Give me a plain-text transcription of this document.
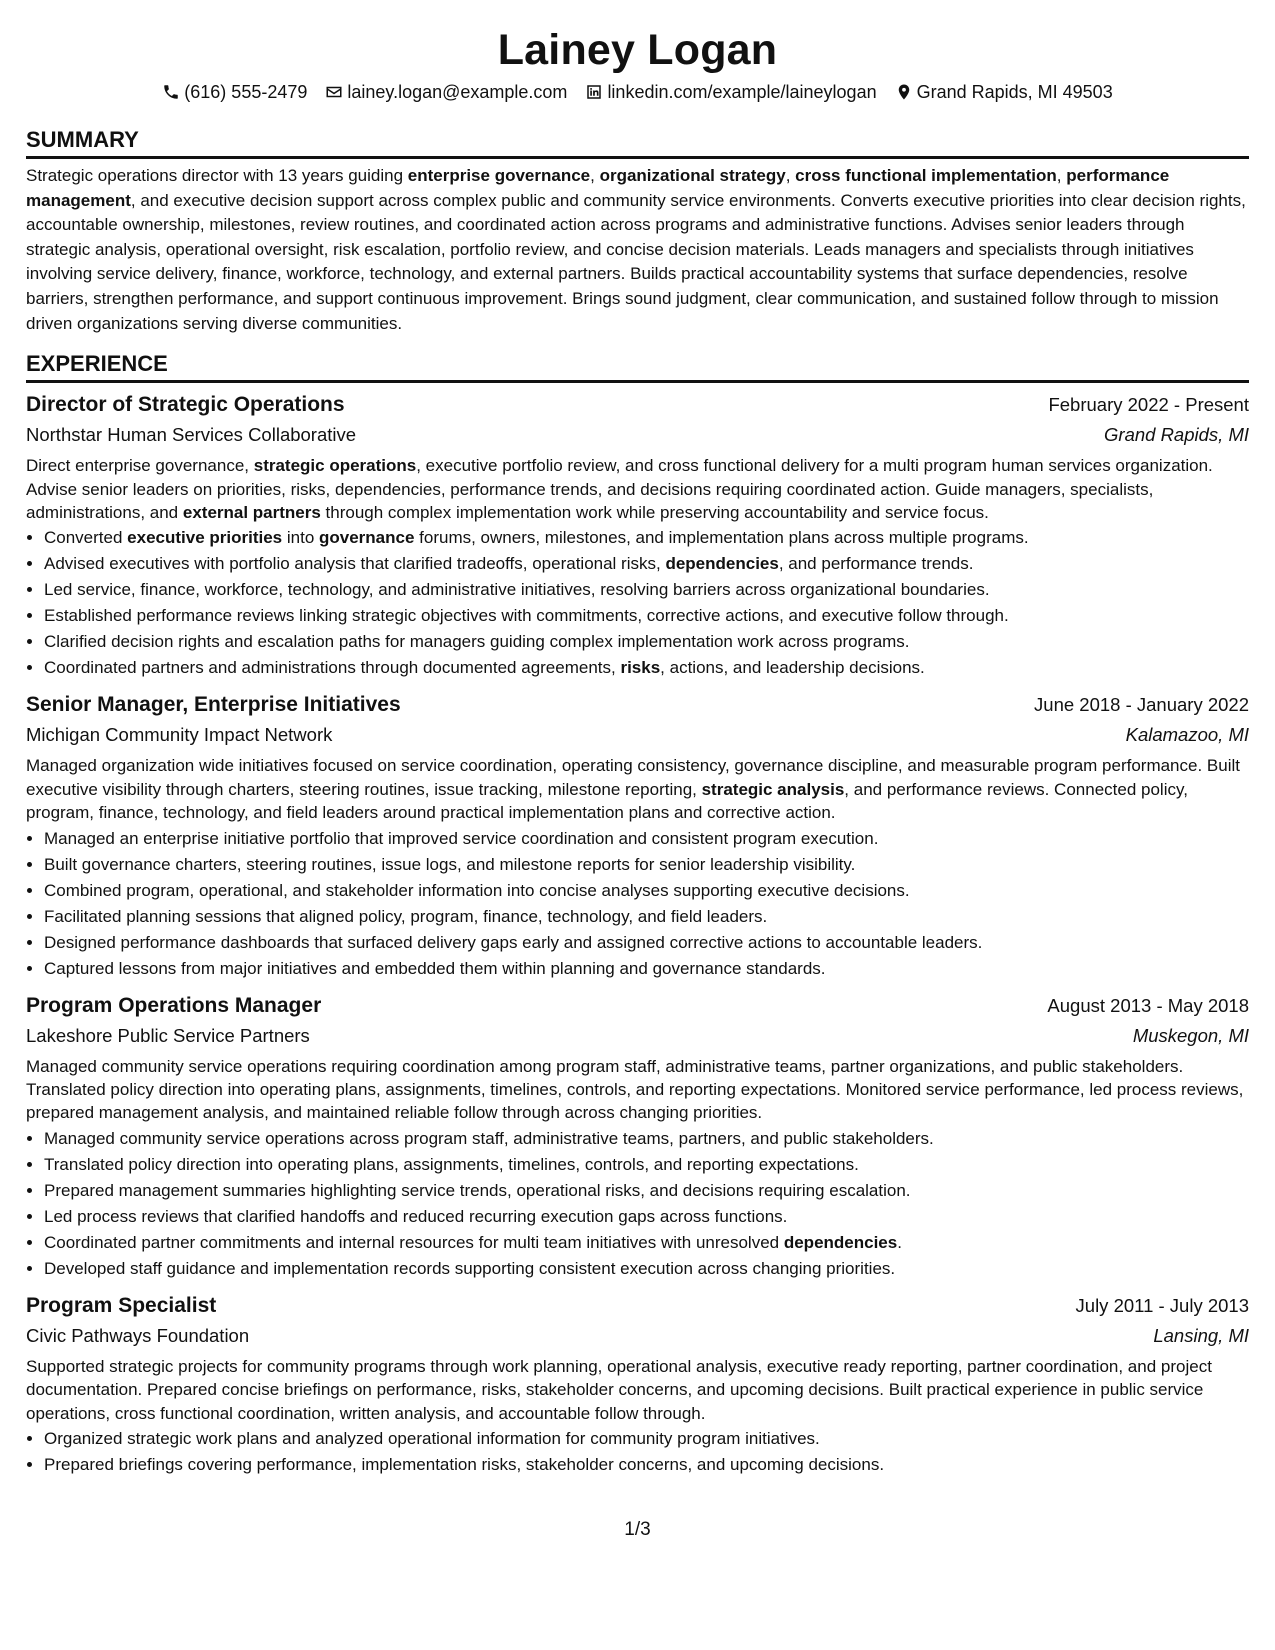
Lainey Logan
(616) 555-2479 lainey.logan@example.com linkedin.com/example/laineylogan Grand Rapids, MI 49503
SUMMARY

Strategic operations director with 13 years guiding enterprise governance, organizational strategy, cross functional implementation, performance management, and executive decision support across complex public and community service environments. Converts executive priorities into clear decision rights, accountable ownership, milestones, review routines, and coordinated action across programs and administrative functions. Advises senior leaders through strategic analysis, operational oversight, risk escalation, portfolio review, and concise decision materials. Leads managers and specialists through initiatives involving service delivery, finance, workforce, technology, and external partners. Builds practical accountability systems that surface dependencies, resolve barriers, strengthen performance, and support continuous improvement. Brings sound judgment, clear communication, and sustained follow through to mission driven organizations serving diverse communities.

EXPERIENCE
Director of Strategic Operations	February 2022 - Present
Northstar Human Services Collaborative	Grand Rapids, MI

Direct enterprise governance, strategic operations, executive portfolio review, and cross functional delivery for a multi program human services organization. Advise senior leaders on priorities, risks, dependencies, performance trends, and decisions requiring coordinated action. Guide managers, specialists, administrations, and external partners through complex implementation work while preserving accountability and service focus.

• Converted executive priorities into governance forums, owners, milestones, and implementation plans across multiple programs.
• Advised executives with portfolio analysis that clarified tradeoffs, operational risks, dependencies, and performance trends.
• Led service, finance, workforce, technology, and administrative initiatives, resolving barriers across organizational boundaries.
• Established performance reviews linking strategic objectives with commitments, corrective actions, and executive follow through.
• Clarified decision rights and escalation paths for managers guiding complex implementation work across programs.
• Coordinated partners and administrations through documented agreements, risks, actions, and leadership decisions.
Senior Manager, Enterprise Initiatives	June 2018 - January 2022
Michigan Community Impact Network	Kalamazoo, MI

Managed organization wide initiatives focused on service coordination, operating consistency, governance discipline, and measurable program performance. Built executive visibility through charters, steering routines, issue tracking, milestone reporting, strategic analysis, and performance reviews. Connected policy, program, finance, technology, and field leaders around practical implementation plans and corrective action.

• Managed an enterprise initiative portfolio that improved service coordination and consistent program execution.
• Built governance charters, steering routines, issue logs, and milestone reports for senior leadership visibility.
• Combined program, operational, and stakeholder information into concise analyses supporting executive decisions.
• Facilitated planning sessions that aligned policy, program, finance, technology, and field leaders.
• Designed performance dashboards that surfaced delivery gaps early and assigned corrective actions to accountable leaders.
• Captured lessons from major initiatives and embedded them within planning and governance standards.
Program Operations Manager	August 2013 - May 2018
Lakeshore Public Service Partners	Muskegon, MI

Managed community service operations requiring coordination among program staff, administrative teams, partner organizations, and public stakeholders. Translated policy direction into operating plans, assignments, timelines, controls, and reporting expectations. Monitored service performance, led process reviews, prepared management analysis, and maintained reliable follow through across changing priorities.

• Managed community service operations across program staff, administrative teams, partners, and public stakeholders.
• Translated policy direction into operating plans, assignments, timelines, controls, and reporting expectations.
• Prepared management summaries highlighting service trends, operational risks, and decisions requiring escalation.
• Led process reviews that clarified handoffs and reduced recurring execution gaps across functions.
• Coordinated partner commitments and internal resources for multi team initiatives with unresolved dependencies.
• Developed staff guidance and implementation records supporting consistent execution across changing priorities.
Program Specialist	July 2011 - July 2013
Civic Pathways Foundation	Lansing, MI

Supported strategic projects for community programs through work planning, operational analysis, executive ready reporting, partner coordination, and project documentation. Prepared concise briefings on performance, risks, stakeholder concerns, and upcoming decisions. Built practical experience in public service operations, cross functional coordination, written analysis, and accountable follow through.

• Organized strategic work plans and analyzed operational information for community program initiatives.
• Prepared briefings covering performance, implementation risks, stakeholder concerns, and upcoming decisions.
1/3
